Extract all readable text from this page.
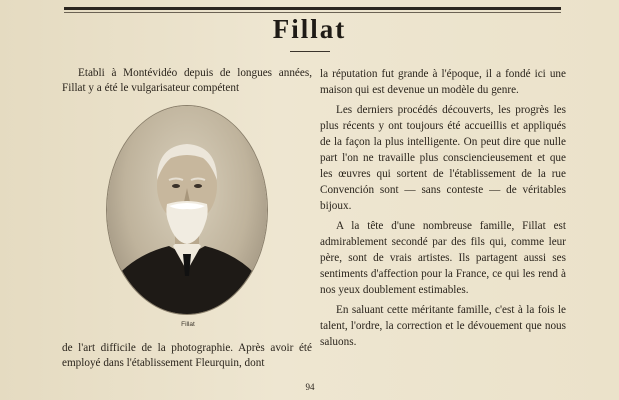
Fillat

Etabli à Montévidéo depuis de longues années, Fillat y a été le vulgarisateur compétent

Fillat

de l'art difficile de la photographie. Après avoir été employé dans l'établissement Fleurquin, dont

la réputation fut grande à l'époque, il a fondé ici une maison qui est devenue un modèle du genre.

Les derniers procédés découverts, les progrès les plus récents y ont toujours été accueillis et appliqués de la façon la plus intelligente. On peut dire que nulle part l'on ne travaille plus consciencieusement et que les œuvres qui sortent de l'établissement de la rue Convención sont — sans conteste — de véritables bijoux.

A la tête d'une nombreuse famille, Fillat est admirablement secondé par des fils qui, comme leur père, sont de vrais artistes. Ils partagent aussi ses sentiments d'affection pour la France, ce qui les rend à nos yeux doublement estimables.

En saluant cette méritante famille, c'est à la fois le talent, l'ordre, la correction et le dévouement que nous saluons.

94
